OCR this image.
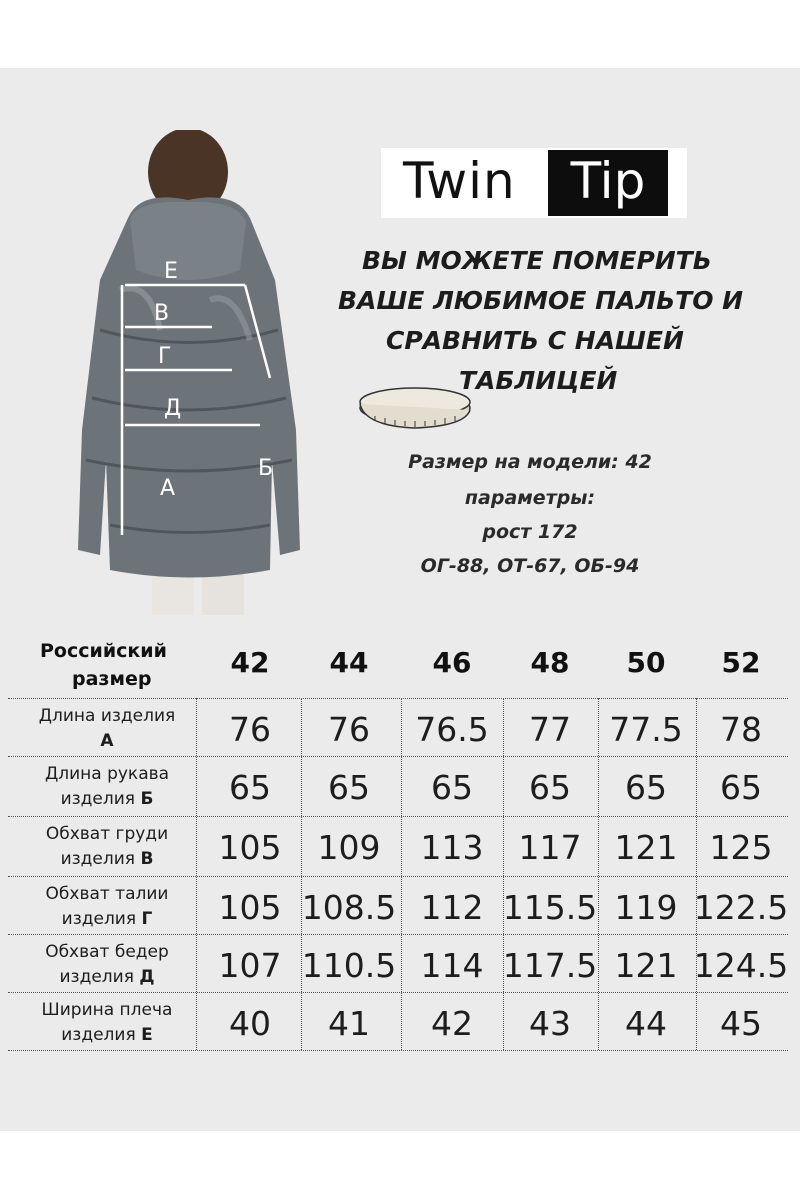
Е
В
Г
Д
А
Б
Twin	Tip
ВЫ МОЖЕТЕ ПОМЕРИТЬ
ВАШЕ ЛЮБИМОЕ ПАЛЬТО И
СРАВНИТЬ С НАШЕЙ
ТАБЛИЦЕЙ
Размер на модели: 42
параметры:
рост 172
ОГ-88, ОТ-67, ОБ-94
Российский
размер	42	44	46	48	50	52
Длина изделия
А	76	76	76.5	77	77.5	78
Длина рукава
изделия Б	65	65	65	65	65	65
Обхват груди
изделия В	105	109	113	117	121 125
Обхват талии
изделия Г	105 108.5 112 115.5 119 122.5
Обхват бедер
изделия Д	107 110.5 114 117.5 121 124.5
Ширина плеча
изделия Е	40	41	42	43	44	45
